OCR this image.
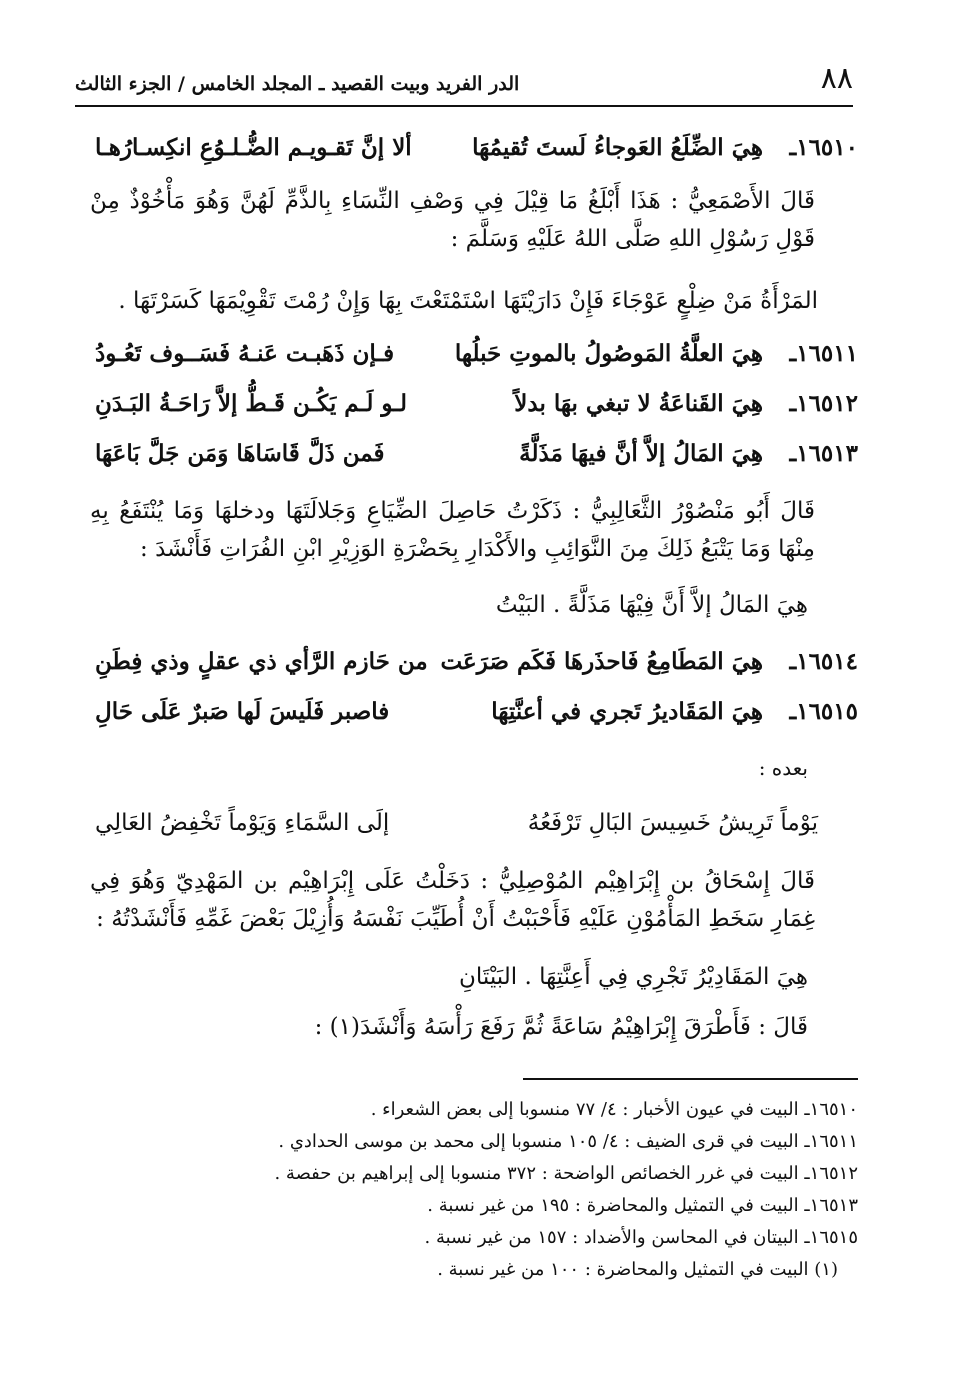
٨٨
الدر الفريد وبيت القصيد ـ المجلد الخامس / الجزء الثالث
١٦٥١٠ـ
هِيَ الضِّلَعُ العَوجاءُ لَستَ تُقيمُهَا
ألا إنَّ تَقـويـم الضُّـلـوُعِ انكِسـارُهـا

قَالَ الأَصْمَعِيُّ : هَذَا أَبْلَغُ مَا قِيْلَ فِي وَصْفِ النِّسَاءِ بِالذَّمِّ لَهُنَّ وَهُوَ مَأْخُوْذٌ مِنْ قَوْلِ رَسُوْلِ اللهِ صَلَّى اللهُ عَلَيْهِ وَسَلَّمَ :

المَرْأَةُ مَنْ ضِلْعٍ عَوْجَاءَ فَإِنْ دَارَيْتَهَا اسْتَمْتَعْتَ بِهَا وَإِنْ رُمْتَ تَقْوِيْمَهَا كَسَرْتَهَا .
١٦٥١١ـ
هِيَ العلَّةُ المَوصُولُ بالموتِ حَبلُها
فـإن ذَهَبـت عَنـهُ فَسَــوف تَعُـودُ
١٦٥١٢ـ
هِيَ القَناعَةُ لا تبغي بهَا بدلاً
لـو لَـم يَكُـن قَـطُّ إلاَّ رَاحَـةُ البَـدَنِ
١٦٥١٣ـ
هِيَ المَالُ إلاَّ أنَّ فيهَا مَذَلَّةً
فَمن ذَلَّ قَاسَاهَا وَمَن جَلَّ بَاعَهَا

قَالَ أَبُو مَنْصُوْرُ الثَّعَالِبِيُّ : ذَكَرْتُ حَاصِلَ الضِّيَاعِ وَجَلالَتَهَا ودخلهَا وَمَا يُنْتَفَعُ بِهِ مِنْهَا وَمَا يَتْبَعُ ذَلِكَ مِنَ النَّوَائِبِ والأَكْدَارِ بِحَضْرَةِ الوَزِيْرِ ابْنِ الفُرَاتِ فَأَنْشَدَ :

هِيَ المَالُ إلاَّ أَنَّ فِيْهَا مَذَلَّةً . البَيْتُ
١٦٥١٤ـ
هِيَ المَطَامِعُ فَاحذَرهَا فَكَم صَرَعَت
من حَازم الرَّأي ذي عقلٍ وذي فِطَنِ
١٦٥١٥ـ
هِيَ المَقَاديرُ تَجري في أعنَّتِهَا
فاصبر فَلَيسَ لَها صَبرٌ عَلَى حَالِ
بعده :
يَوْماً تَرِيشُ خَسِيسَ البَالِ تَرْفَعُهُ
إلَى السَّمَاءِ وَيَوْماً تَخْفِضُ العَالِي

قَالَ إِسْحَاقُ بن إِبْرَاهِيْم المُوْصِلِيُّ : دَخَلْتُ عَلَى إِبْرَاهِيْم بن المَهْدِيّ وَهُوَ فِي غِمَارِ سَخَطِ المَأْمُوْنِ عَلَيْهِ فَأَحْبَبْتُ أَنْ أُطَيِّبَ نَفْسَهُ وَأُزِيْلَ بَعْضَ غَمِّهِ فَأَنْشَدْتُهُ :

هِيَ المَقَادِيْرُ تَجْرِي فِي أَعِنَّتِهَا . البَيْتَانِ
قَالَ : فَأَطْرَقَ إِبْرَاهِيْمُ سَاعَةً ثُمَّ رَفَعَ رَأْسَهُ وَأَنْشَدَ(١) :
١٦٥١٠ـ البيت في عيون الأخبار : ٤/ ٧٧ منسوبا إلى بعض الشعراء .
١٦٥١١ـ البيت في قرى الضيف : ٤/ ١٠٥ منسوبا إلى محمد بن موسى الحدادي .
١٦٥١٢ـ البيت في غرر الخصائص الواضحة : ٣٧٢ منسوبا إلى إبراهيم بن حفصة .
١٦٥١٣ـ البيت في التمثيل والمحاضرة : ١٩٥ من غير نسبة .
١٦٥١٥ـ البيتان في المحاسن والأضداد : ١٥٧ من غير نسبة .
(١) البيت في التمثيل والمحاضرة : ١٠٠ من غير نسبة .
